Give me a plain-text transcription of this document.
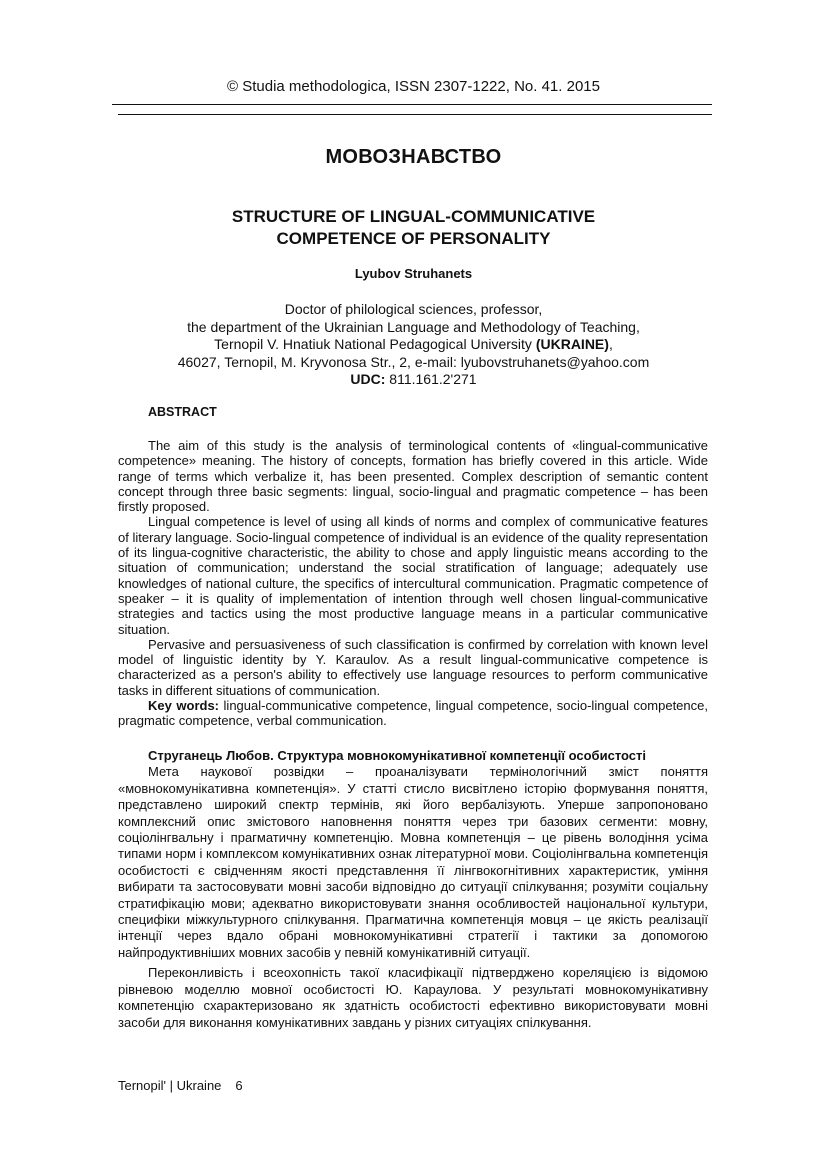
© Studia methodologica, ISSN 2307-1222, No. 41. 2015
МОВОЗНАВСТВО
STRUCTURE OF LINGUAL-COMMUNICATIVE
COMPETENCE OF PERSONALITY
Lyubov Struhanets
Doctor of philological sciences, professor,
the department of the Ukrainian Language and Methodology of Teaching,
Ternopil V. Hnatiuk National Pedagogical University (UKRAINE),
46027, Ternopil, M. Kryvonosa Str., 2, e-mail: lyubovstruhanets@yahoo.com
UDC: 811.161.2'271
ABSTRACT

The aim of this study is the analysis of terminological contents of «lingual-communicative competence» meaning. The history of concepts, formation has briefly covered in this article. Wide range of terms which verbalize it, has been presented. Complex description of semantic content concept through three basic segments: lingual, socio-lingual and pragmatic competence – has been firstly proposed.

Lingual competence is level of using all kinds of norms and complex of communicative features of literary language. Socio-lingual competence of individual is an evidence of the quality representation of its lingua-cognitive characteristic, the ability to chose and apply linguistic means according to the situation of communication; understand the social stratification of language; adequately use knowledges of national culture, the specifics of intercultural communication. Pragmatic competence of speaker – it is quality of implementation of intention through well chosen lingual-communicative strategies and tactics using the most productive language means in a particular communicative situation.

Pervasive and persuasiveness of such classification is confirmed by correlation with known level model of linguistic identity by Y. Karaulov. As a result lingual-communicative competence is characterized as a person's ability to effectively use language resources to perform communicative tasks in different situations of communication.

Key words: lingual-communicative competence, lingual competence, socio-lingual competence, pragmatic competence, verbal communication.

Струганець Любов. Структура мовнокомунікативної компетенції особистості

Мета наукової розвідки – проаналізувати термінологічний зміст поняття «мовнокомунікативна компетенція». У статті стисло висвітлено історію формування поняття, представлено широкий спектр термінів, які його вербалізують. Уперше запропоновано комплексний опис змістового наповнення поняття через три базових сегменти: мовну, соціолінгвальну і прагматичну компетенцію. Мовна компетенція – це рівень володіння усіма типами норм і комплексом комунікативних ознак літературної мови. Соціолінгвальна компетенція особистості є свідченням якості представлення її лінгвокогнітивних характеристик, уміння вибирати та застосовувати мовні засоби відповідно до ситуації спілкування; розуміти соціальну стратифікацію мови; адекватно використовувати знання особливостей національної культури, специфіки міжкультурного спілкування. Прагматична компетенція мовця – це якість реалізації інтенції через вдало обрані мовнокомунікативні стратегії і тактики за допомогою найпродуктивніших мовних засобів у певній комунікативній ситуації.

Переконливість і всеохопність такої класифікації підтверджено кореляцією із відомою рівневою моделлю мовної особистості Ю. Караулова. У результаті мовнокомунікативну компетенцію схарактеризовано як здатність особистості ефективно використовувати мовні засоби для виконання комунікативних завдань у різних ситуаціях спілкування.

Ternopil' | Ukraine 6
